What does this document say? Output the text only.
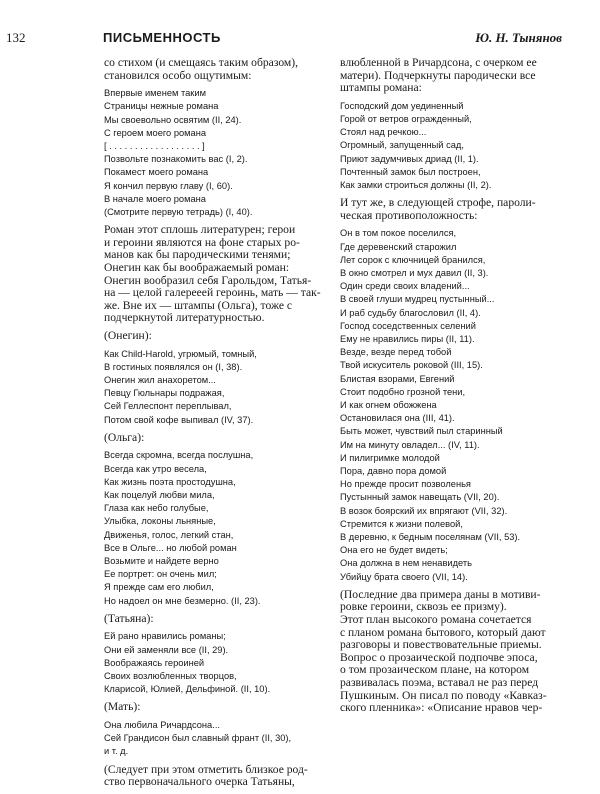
132	ПИСЬМЕННОСТЬ	Ю. Н. Тынянов
со стихом (и смещаясь таким образом),
становился особо ощутимым:
Впервые именем таким
Страницы нежные романа
Мы своевольно освятим (II, 24).
С героем моего романа
[ . . . . . . . . . . . . . . . . . . ]
Позвольте познакомить вас (I, 2).
Покамест моего романа
Я кончил первую главу (I, 60).
В начале моего романа
(Смотрите первую тетрадь) (I, 40).
Роман этот сплошь литературен; герои
и героини являются на фоне старых ро-
манов как бы пародическими тенями;
Онегин как бы воображаемый роман:
Онегин вообразил себя Гарольдом, Татья-
на — целой галерееей героинь, мать — так-
же. Вне их — штампы (Ольга), тоже с
подчеркнутой литературностью.
(Онегин):
Как Child-Harold, угрюмый, томный,
В гостиных появлялся он (I, 38).
Онегин жил анахоретом...
Певцу Гюльнары подражая,
Сей Геллеспонт переплывал,
Потом свой кофе выпивал (IV, 37).
(Ольга):
Всегда скромна, всегда послушна,
Всегда как утро весела,
Как жизнь поэта простодушна,
Как поцелуй любви мила,
Глаза как небо голубые,
Улыбка, локоны льняные,
Движенья, голос, легкий стан,
Все в Ольге... но любой роман
Возьмите и найдете верно
Ее портрет: он очень мил;
Я прежде сам его любил,
Но надоел он мне безмерно. (II, 23).
(Татьяна):
Ей рано нравились романы;
Они ей заменяли все (II, 29).
Воображаясь героиней
Своих возлюбленных творцов,
Кларисой, Юлией, Дельфиной. (II, 10).
(Мать):
Она любила Ричардсона...
Сей Грандисон был славный франт (II, 30),
и т. д.
(Следует при этом отметить близкое род-
ство первоначального очерка Татьяны,
влюбленной в Ричардсона, с очерком ее
матери). Подчеркнуты пародически все
штампы романа:
Господский дом уединенный
Горой от ветров огражденный,
Стоял над речкою...
Огромный, запущенный сад,
Приют задумчивых дриад (II, 1).
Почтенный замок был построен,
Как замки строиться должны (II, 2).
И тут же, в следующей строфе, пароли-
ческая противоположность:
Он в том покое поселился,
Где деревенский старожил
Лет сорок с ключницей бранился,
В окно смотрел и мух давил (II, 3).
Один среди своих владений...
В своей глуши мудрец пустынный...
И раб судьбу благословил (II, 4).
Господ соседственных селений
Ему не нравились пиры (II, 11).
Везде, везде перед тобой
Твой искуситель роковой (III, 15).
Блистая взорами, Евгений
Стоит подобно грозной тени,
И как огнем обожжена
Остановилася она (III, 41).
Быть может, чувствий пыл старинный
Им на минуту овладел... (IV, 11).
И пилигримке молодой
Пора, давно пора домой
Но прежде просит позволенья
Пустынный замок навещать (VII, 20).
В возок боярский их впрягают (VII, 32).
Стремится к жизни полевой,
В деревню, к бедным поселянам (VII, 53).
Она его не будет видеть;
Она должна в нем ненавидеть
Убийцу брата своего (VII, 14).
(Последние два примера даны в мотиви-
ровке героини, сквозь ее призму).
Этот план высокого романа сочетается
с планом романа бытового, который дают
разговоры и повествовательные приемы.
Вопрос о прозаической подпочве эпоса,
о том прозаическом плане, на котором
развивалась поэма, вставал не раз перед
Пушкиным. Он писал по поводу «Кавказ-
ского пленника»: «Описание нравов чер-
